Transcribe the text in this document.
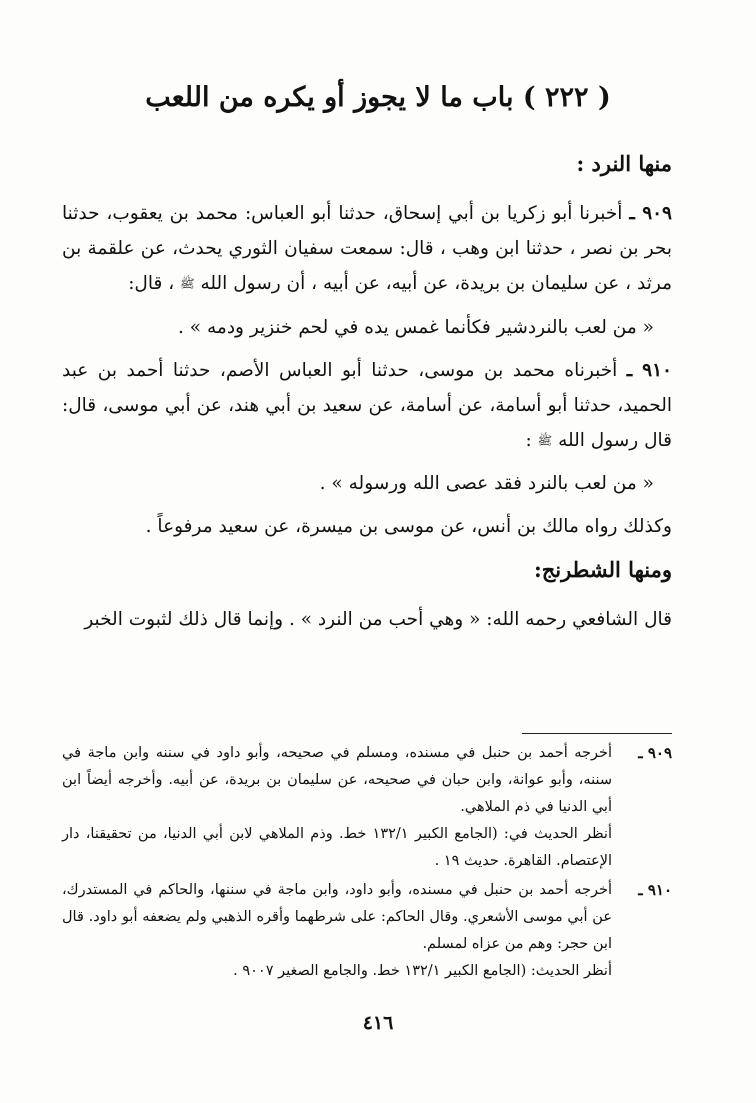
( ٢٢٢ ) باب ما لا يجوز أو يكره من اللعب

منها النرد :

٩٠٩ ـ أخبرنا أبو زكريا بن أبي إسحاق، حدثنا أبو العباس: محمد بن يعقوب، حدثنا بحر بن نصر ، حدثنا ابن وهب ، قال: سمعت سفيان الثوري يحدث، عن علقمة بن مرثد ، عن سليمان بن بريدة، عن أبيه، عن أبيه ، أن رسول الله ﷺ ، قال:

« من لعب بالنردشير فكأنما غمس يده في لحم خنزير ودمه » .

٩١٠ ـ أخبرناه محمد بن موسى، حدثنا أبو العباس الأصم، حدثنا أحمد بن عبد الحميد، حدثنا أبو أسامة، عن أسامة، عن سعيد بن أبي هند، عن أبي موسى، قال: قال رسول الله ﷺ :

« من لعب بالنرد فقد عصى الله ورسوله » .

وكذلك رواه مالك بن أنس، عن موسى بن ميسرة، عن سعيد مرفوعاً .

ومنها الشطرنج:

قال الشافعي رحمه الله: « وهي أحب من النرد » . وإنما قال ذلك لثبوت الخبر

٩٠٩ ـ

أخرجه أحمد بن حنبل في مسنده، ومسلم في صحيحه، وأبو داود في سننه وابن ماجة في سننه، وأبو عوانة، وابن حبان في صحيحه، عن سليمان بن بريدة، عن أبيه. وأخرجه أيضاً ابن أبي الدنيا في ذم الملاهي.

أنظر الحديث في: (الجامع الكبير ١٣٢/١ خط. وذم الملاهي لابن أبي الدنيا، من تحقيقنا، دار الإعتصام. القاهرة. حديث ١٩ .

٩١٠ ـ

أخرجه أحمد بن حنبل في مسنده، وأبو داود، وابن ماجة في سننها، والحاكم في المستدرك، عن أبي موسى الأشعري. وقال الحاكم: على شرطهما وأقره الذهبي ولم يضعفه أبو داود. قال ابن حجر: وهم من عزاه لمسلم.

أنظر الحديث: (الجامع الكبير ١٣٢/١ خط. والجامع الصغير ٩٠٠٧ .

٤١٦
